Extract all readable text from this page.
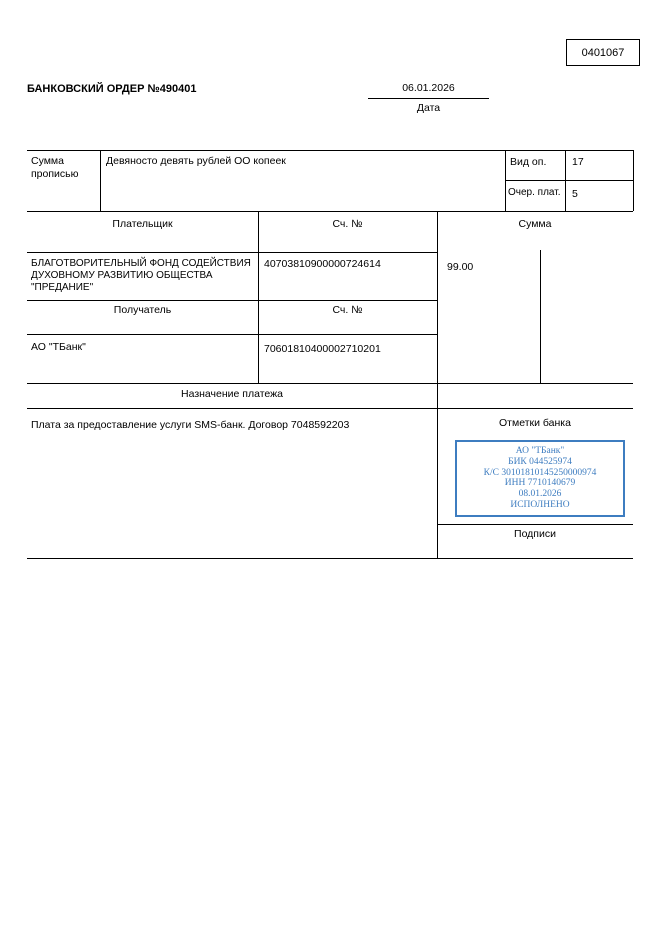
0401067
БАНКОВСКИЙ ОРДЕР №490401	06.01.2026
Дата
Сумма прописью
Девяносто девять рублей ОО копеек	Вид оп. 17
Очер. плат. 5
Плательщик	Сч. №	Сумма
БЛАГОТВОРИТЕЛЬНЫЙ ФОНД СОДЕЙСТВИЯ ДУХОВНОМУ РАЗВИТИЮ ОБЩЕСТВА "ПРЕДАНИЕ"
40703810900000724614	99.00
Получатель	Сч. №
АО "ТБанк"	70601810400002710201
Назначение платежа
Плата за предоставление услуги SMS-банк. Договор 7048592203	Отметки банка
АО "ТБанк"
БИК 044525974
К/С 30101810145250000974
ИНН 7710140679
08.01.2026
ИСПОЛНЕНО
Подписи
